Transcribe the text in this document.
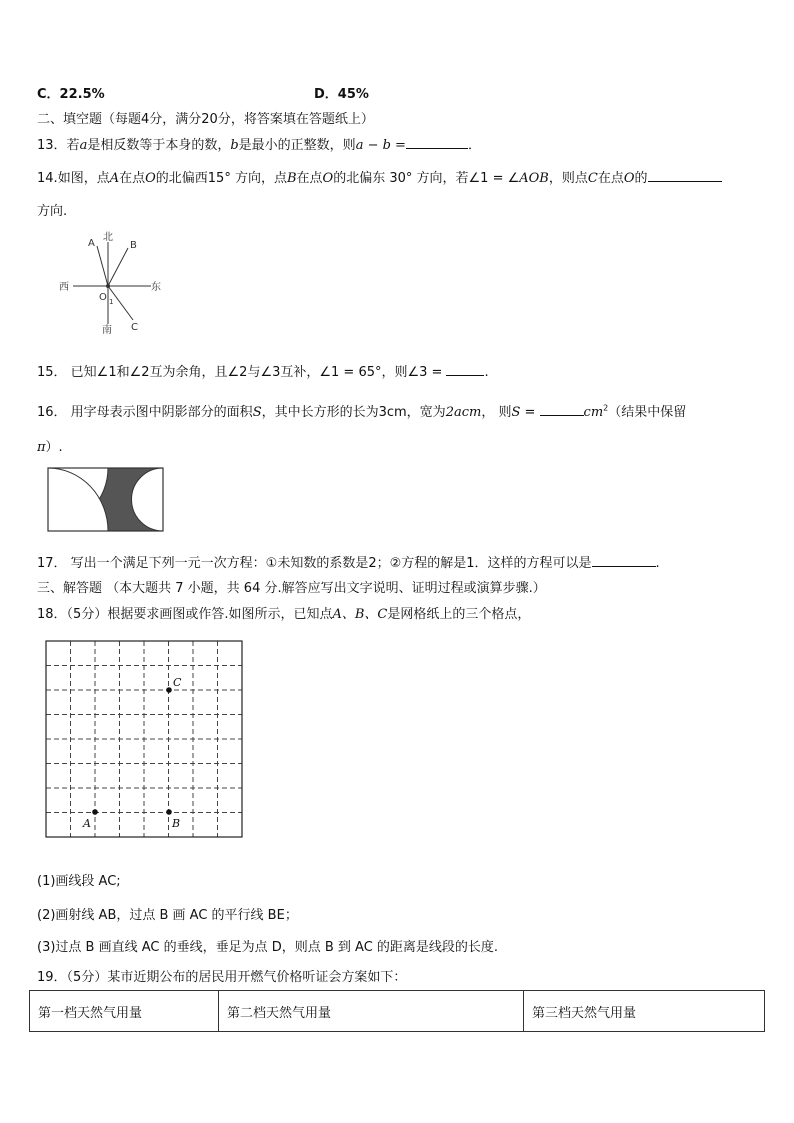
C．22.5%	D．45%
二、填空题（每题4分，满分20分，将答案填在答题纸上）
13．若a是相反数等于本身的数，b是最小的正整数，则a − b =	．
14.如图，点A在点O的北偏西15° 方向，点B在点O的北偏东 30° 方向，若∠1 = ∠AOB，则点C在点O的
方向.
北
南
西	东
A	B
C
O 1
15． 已知∠1和∠2互为余角，且∠2与∠3互补，∠1 = 65°，则∠3 =	.
16． 用字母表示图中阴影部分的面积S，其中长方形的长为3cm，宽为2acm， 则S =	$cm^2$（结果中保留
π）.
17． 写出一个满足下列一元一次方程：①未知数的系数是2；②方程的解是1．这样的方程可以是	.
三、解答题 （本大题共 7 小题，共 64 分.解答应写出文字说明、证明过程或演算步骤.）
18．（5分）根据要求画图或作答.如图所示，已知点A、B、C是网格纸上的三个格点，
A	B
C
(1)画线段 AC;
(2)画射线 AB，过点 B 画 AC 的平行线 BE；
(3)过点 B 画直线 AC 的垂线，垂足为点 D，则点 B 到 AC 的距离是线段的长度.
19．（5分）某市近期公布的居民用开燃气价格听证会方案如下：
第一档天然气用量	第二档天然气用量	第三档天然气用量
